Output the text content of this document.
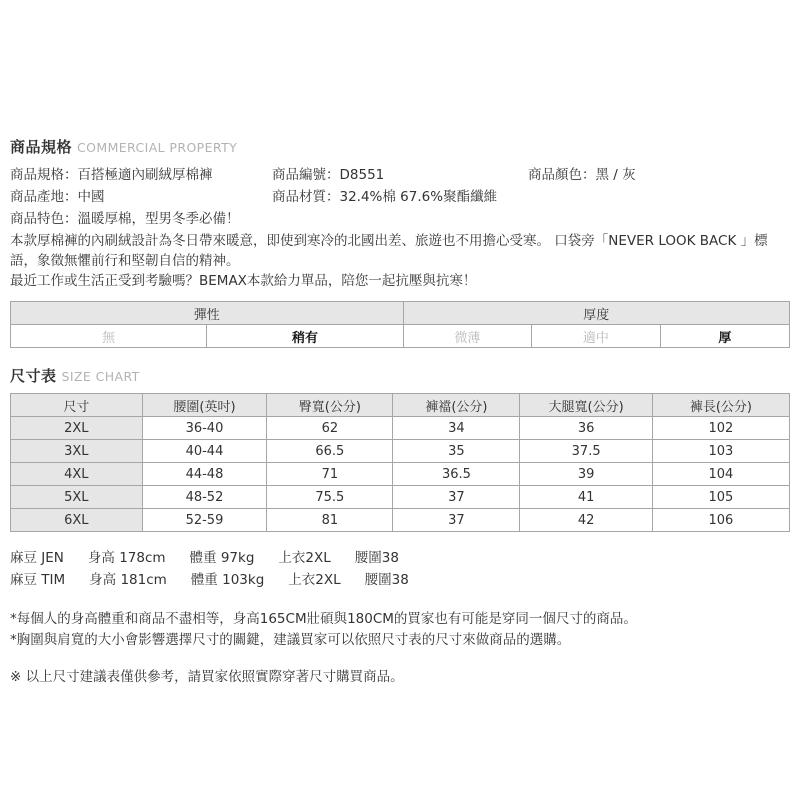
商品規格 COMMERCIAL PROPERTY
商品規格：百搭極適內刷絨厚棉褲	商品編號：D8551	商品顏色：黑 / 灰
商品產地：中國	商品材質：32.4%棉 67.6%聚酯纖維
商品特色：溫暖厚棉，型男冬季必備！

本款厚棉褲的內刷絨設計為冬日帶來暖意，即使到寒冷的北國出差、旅遊也不用擔心受寒。 口袋旁「NEVER LOOK BACK 」標語，象徵無懼前行和堅韌自信的精神。

最近工作或生活正受到考驗嗎？BEMAX本款給力單品，陪您一起抗壓與抗寒！

彈性		厚度		
無	稍有	微薄	適中	厚
尺寸表 SIZE CHART
尺寸	腰圍(英吋)	臀寬(公分)	褲襠(公分)	大腿寬(公分)	褲長(公分)
2XL	36-40	62	34	36	102
3XL	40-44	66.5	35	37.5	103
4XL	44-48	71	36.5	39	104
5XL	48-52	75.5	37	41	105
6XL	52-59	81	37	42	106
麻豆 JEN 身高 178cm 體重 97kg 上衣2XL 腰圍38
麻豆 TIM 身高 181cm 體重 103kg 上衣2XL 腰圍38
*每個人的身高體重和商品不盡相等，身高165CM壯碩與180CM的買家也有可能是穿同一個尺寸的商品。
*胸圍與肩寬的大小會影響選擇尺寸的關鍵，建議買家可以依照尺寸表的尺寸來做商品的選購。
※ 以上尺寸建議表僅供參考，請買家依照實際穿著尺寸購買商品。
